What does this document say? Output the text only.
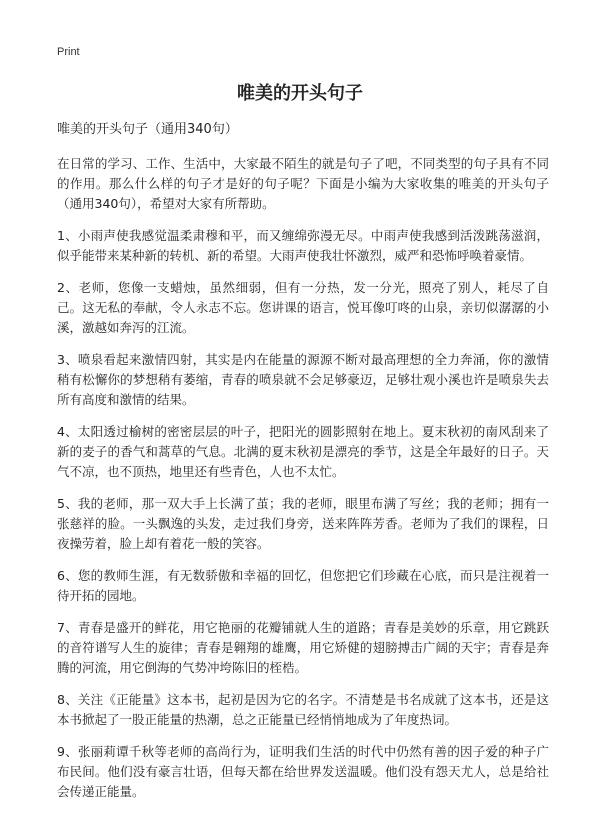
Print
唯美的开头句子

唯美的开头句子（通用340句）

在日常的学习、工作、生活中，大家最不陌生的就是句子了吧，不同类型的句子具有不同的作用。那么什么样的句子才是好的句子呢？下面是小编为大家收集的唯美的开头句子（通用340句），希望对大家有所帮助。

1、小雨声使我感觉温柔肃穆和平，而又缠绵弥漫无尽。中雨声使我感到活泼跳荡滋润，似乎能带来某种新的转机、新的希望。大雨声使我壮怀激烈，威严和恐怖呼唤着豪情。

2、老师，您像一支蜡烛，虽然细弱，但有一分热，发一分光，照亮了别人，耗尽了自己。这无私的奉献，令人永志不忘。您讲课的语言，悦耳像叮咚的山泉，亲切似潺潺的小溪，激越如奔泻的江流。

3、喷泉看起来激情四射，其实是内在能量的源源不断对最高理想的全力奔涌，你的激情稍有松懈你的梦想稍有萎缩，青春的喷泉就不会足够豪迈，足够壮观小溪也许是喷泉失去所有高度和激情的结果。

4、太阳透过榆树的密密层层的叶子，把阳光的圆影照射在地上。夏末秋初的南风刮来了新的麦子的香气和蒿草的气息。北满的夏末秋初是漂亮的季节，这是全年最好的日子。天气不凉，也不顶热，地里还有些青色，人也不太忙。

5、我的老师，那一双大手上长满了茧；我的老师，眼里布满了写丝；我的老师；拥有一张慈祥的脸。一头飘逸的头发，走过我们身旁，送来阵阵芳香。老师为了我们的课程，日夜操劳着，脸上却有着花一般的笑容。

6、您的教师生涯，有无数骄傲和幸福的回忆，但您把它们珍藏在心底，而只是注视着一待开拓的园地。

7、青春是盛开的鲜花，用它艳丽的花瓣铺就人生的道路；青春是美妙的乐章，用它跳跃的音符谱写人生的旋律；青春是翱翔的雄鹰，用它矫健的翅膀搏击广阔的天宇；青春是奔腾的河流，用它倒海的气势冲垮陈旧的桎梏。

8、关注《正能量》这本书，起初是因为它的名字。不清楚是书名成就了这本书，还是这本书掀起了一股正能量的热潮，总之正能量已经悄悄地成为了年度热词。

9、张丽莉谭千秋等老师的高尚行为，证明我们生活的时代中仍然有善的因子爱的种子广布民间。他们没有豪言壮语，但每天都在给世界发送温暖。他们没有怨天尤人，总是给社会传递正能量。
